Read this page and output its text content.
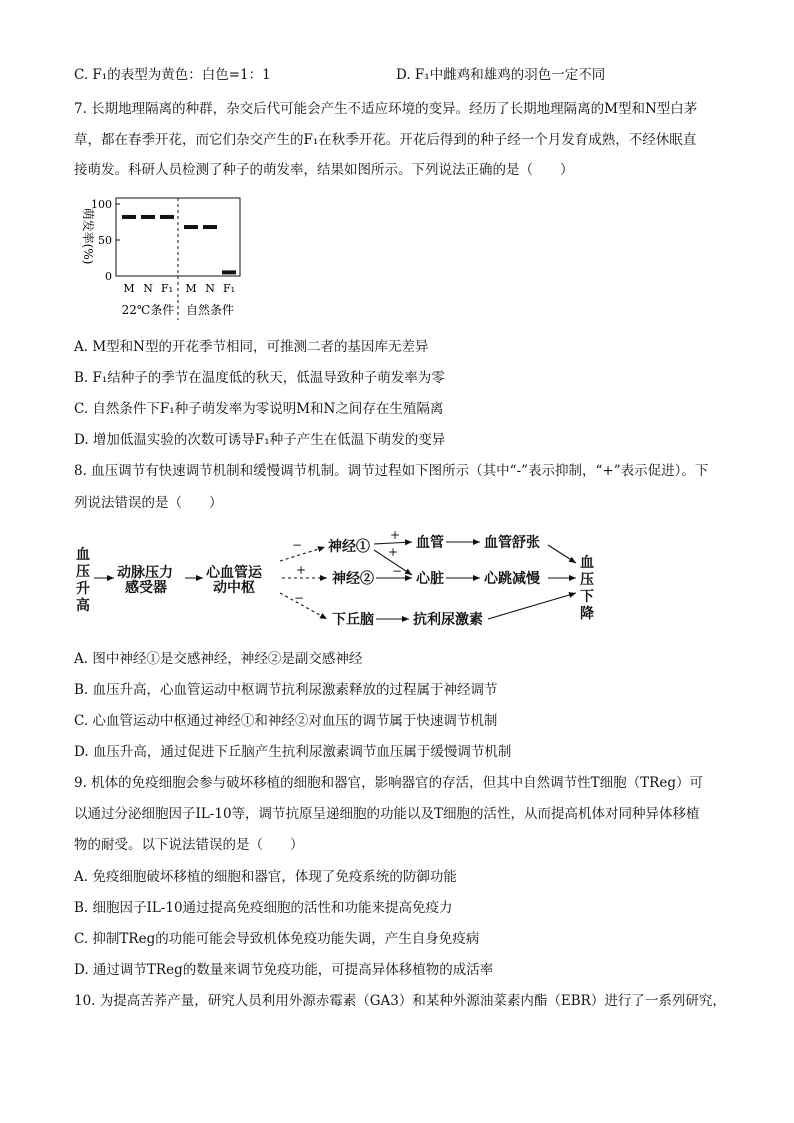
C. F₁的表型为黄色：白色=1：1	D. F₁中雌鸡和雄鸡的羽色一定不同
7. 长期地理隔离的种群，杂交后代可能会产生不适应环境的变异。经历了长期地理隔离的M型和N型白茅
草，都在春季开花，而它们杂交产生的F₁在秋季开花。开花后得到的种子经一个月发育成熟，不经休眠直
接萌发。科研人员检测了种子的萌发率，结果如图所示。下列说法正确的是（　　）
萌发率(%)
100
50
0
M N F₁ M N F₁
22℃条件 自然条件
A. M型和N型的开花季节相同，可推测二者的基因库无差异
B. F₁结种子的季节在温度低的秋天，低温导致种子萌发率为零
C. 自然条件下F₁种子萌发率为零说明M和N之间存在生殖隔离
D. 增加低温实验的次数可诱导F₁种子产生在低温下萌发的变异
8. 血压调节有快速调节机制和缓慢调节机制。调节过程如下图所示（其中“-”表示抑制，“+”表示促进）。下
列说法错误的是（　　）
血
压
升
高
动脉压力
感受器
心血管运
动中枢
神经①
神经②
下丘脑
血管	血管舒张
心脏	心跳减慢
抗利尿激素
血
压
下
降
−
+
−
+
+
−
A. 图中神经①是交感神经，神经②是副交感神经
B. 血压升高，心血管运动中枢调节抗利尿激素释放的过程属于神经调节
C. 心血管运动中枢通过神经①和神经②对血压的调节属于快速调节机制
D. 血压升高，通过促进下丘脑产生抗利尿激素调节血压属于缓慢调节机制
9. 机体的免疫细胞会参与破坏移植的细胞和器官，影响器官的存活，但其中自然调节性T细胞（TReg）可
以通过分泌细胞因子IL-10等，调节抗原呈递细胞的功能以及T细胞的活性，从而提高机体对同种异体移植
物的耐受。以下说法错误的是（　　）
A. 免疫细胞破坏移植的细胞和器官，体现了免疫系统的防御功能
B. 细胞因子IL-10通过提高免疫细胞的活性和功能来提高免疫力
C. 抑制TReg的功能可能会导致机体免疫功能失调，产生自身免疫病
D. 通过调节TReg的数量来调节免疫功能，可提高异体移植物的成活率
10. 为提高苦荞产量，研究人员利用外源赤霉素（GA3）和某种外源油菜素内酯（EBR）进行了一系列研究，
